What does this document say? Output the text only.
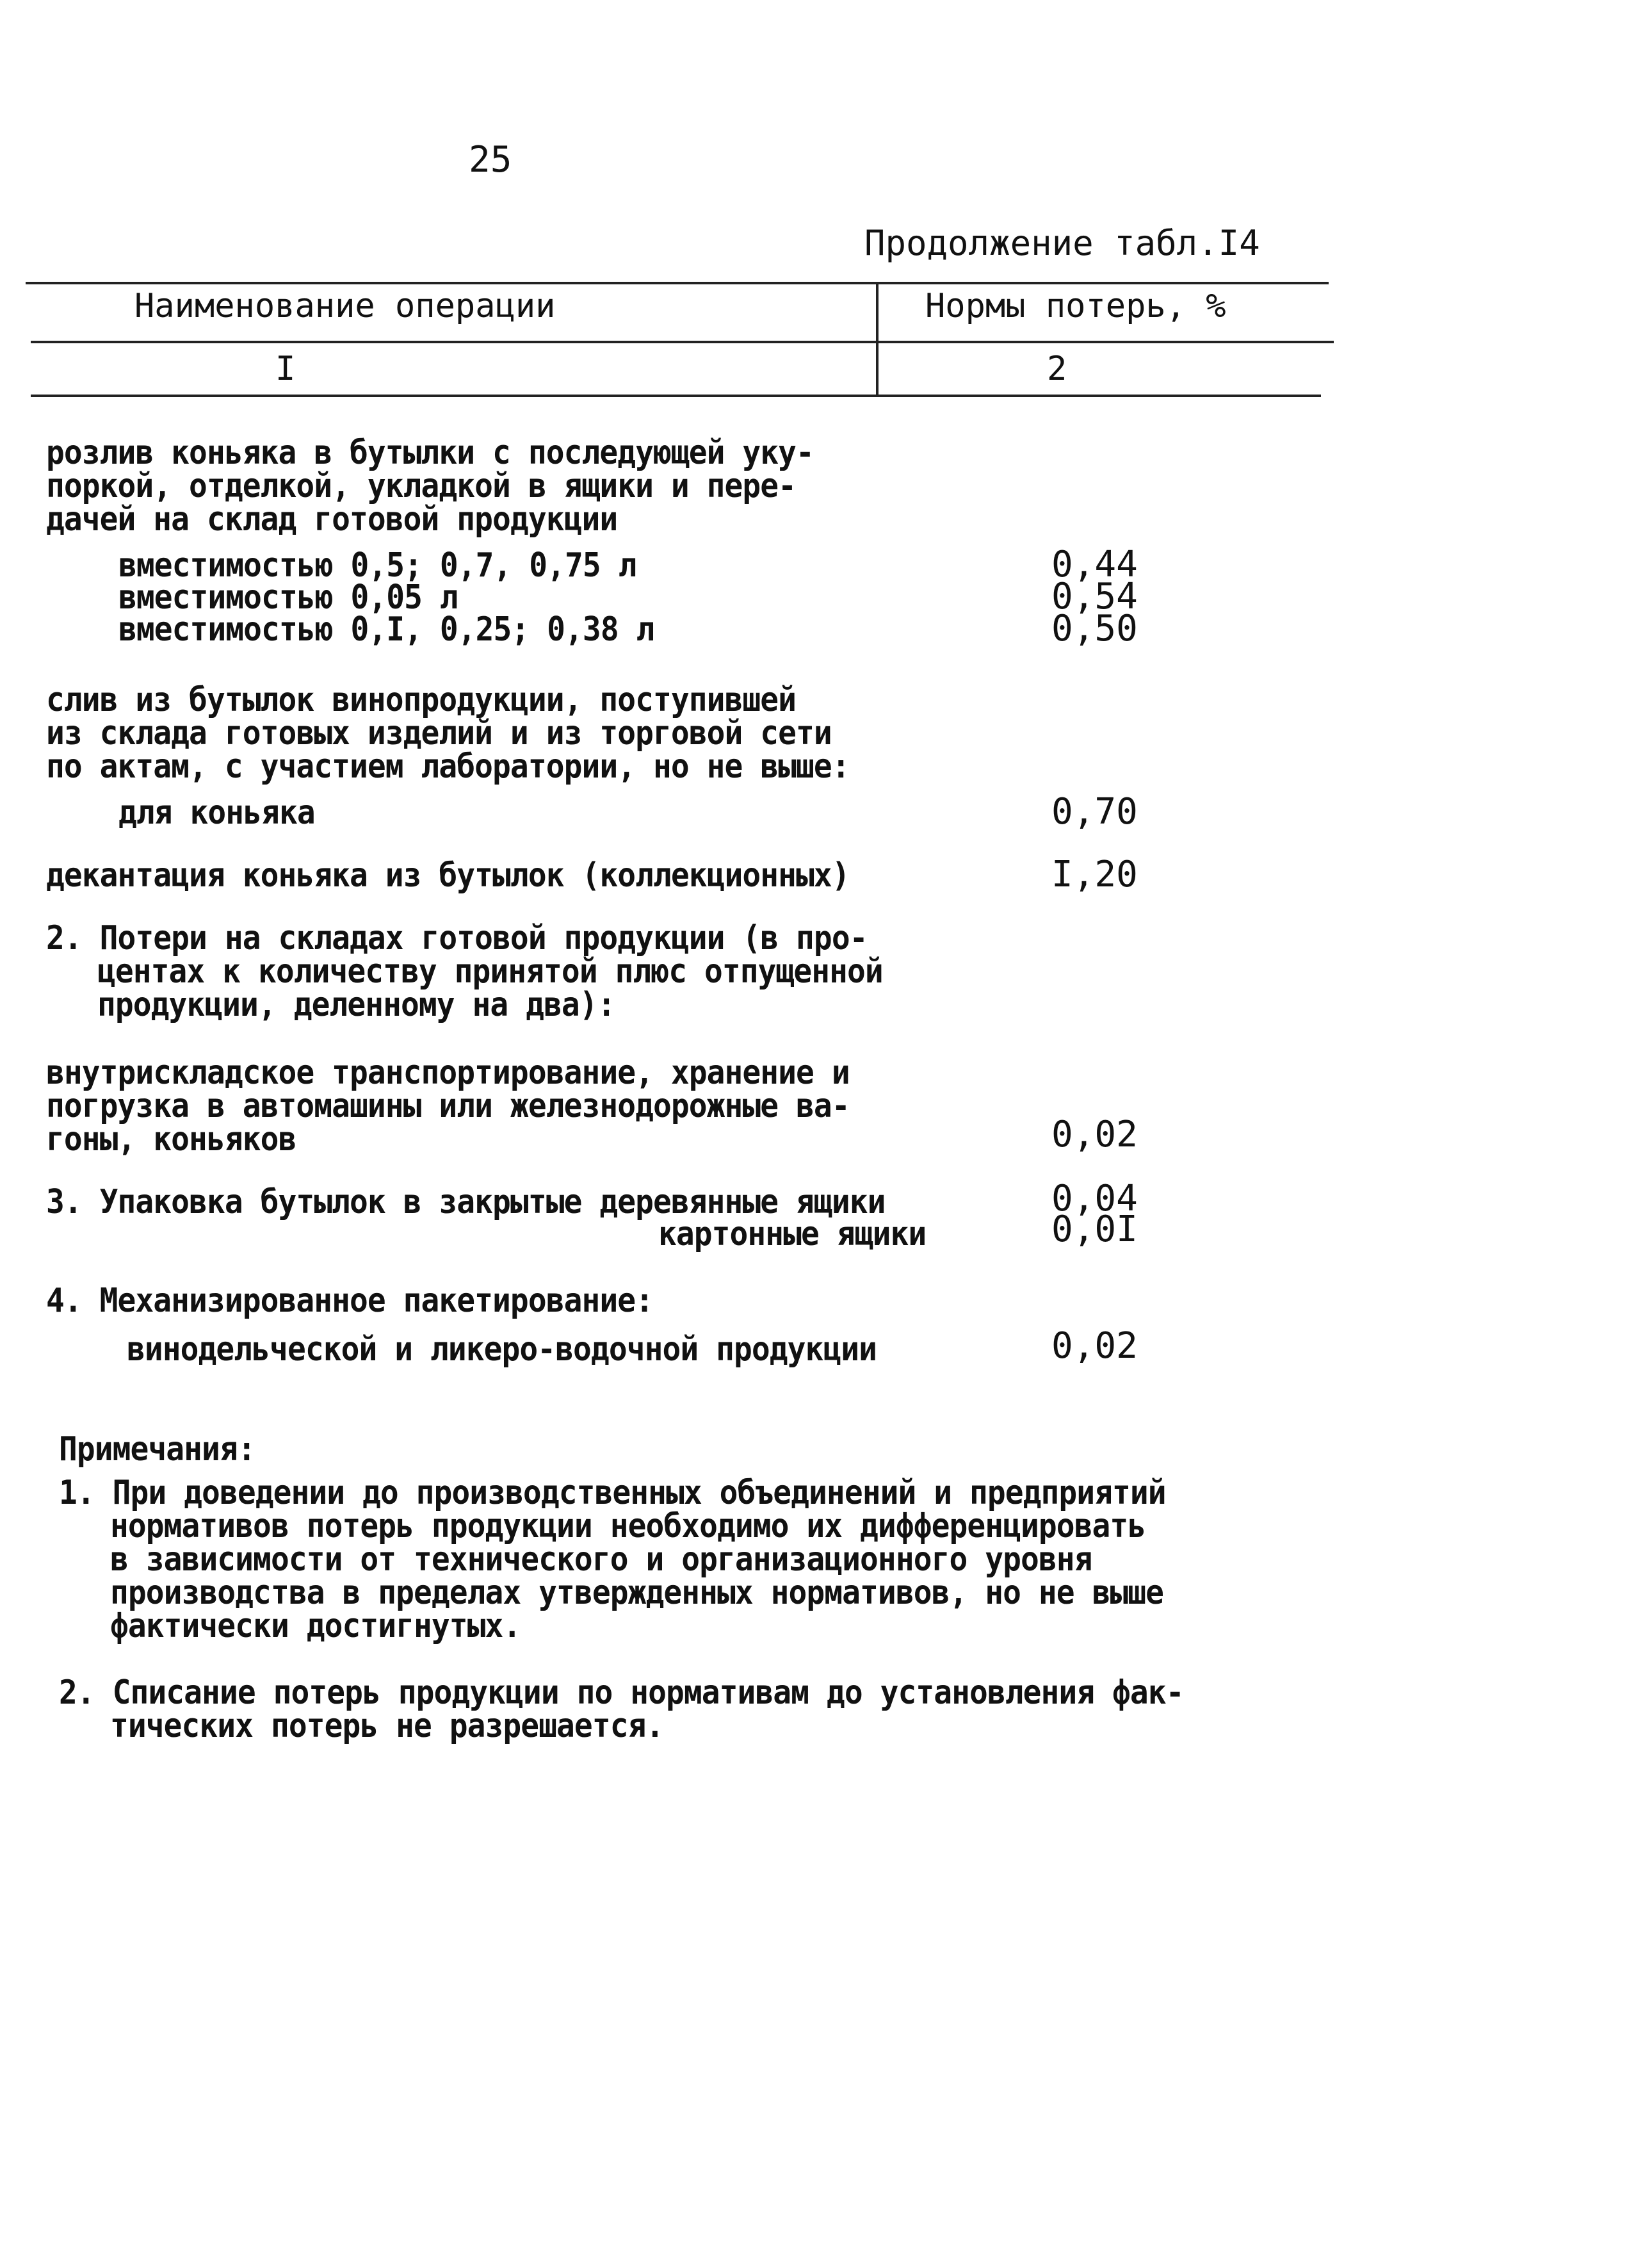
25
Продолжение табл.I4
Наименование операции	Нормы потерь, %
I	2
розлив коньяка в бутылки с последующей уку-
поркой, отделкой, укладкой в ящики и пере-
дачей на склад готовой продукции
вместимостью 0,5; 0,7, 0,75 л	0,44
вместимостью 0,05 л	0,54
вместимостью 0,I, 0,25; 0,38 л	0,50
слив из бутылок винопродукции, поступившей
из склада готовых изделий и из торговой сети
по актам, с участием лаборатории, но не выше:
для коньяка	0,70
декантация коньяка из бутылок (коллекционных)	I,20
2. Потери на складах готовой продукции (в про-
центах к количеству принятой плюс отпущенной
продукции, деленному на два):
внутрискладское транспортирование, хранение и
погрузка в автомашины или железнодорожные ва-
гоны, коньяков	0,02
3. Упаковка бутылок в закрытые деревянные ящики	0,04
картонные ящики	0,0I
4. Механизированное пакетирование:
винодельческой и ликеро-водочной продукции	0,02
Примечания:
1. При доведении до производственных объединений и предприятий
нормативов потерь продукции необходимо их дифференцировать
в зависимости от технического и организационного уровня
производства в пределах утвержденных нормативов, но не выше
фактически достигнутых.
2. Списание потерь продукции по нормативам до установления фак-
тических потерь не разрешается.
